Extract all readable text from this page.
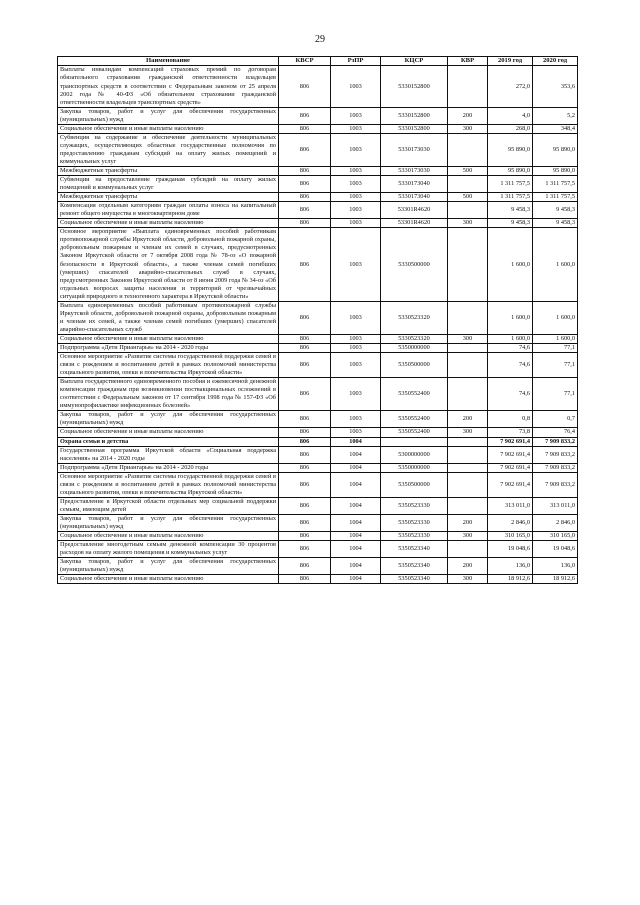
29
Наименование	КВСР	РзПР	КЦСР	КВР	2019 год	2020 год
Выплаты инвалидам компенсаций страховых премий по договорам обязательного страхования гражданской ответственности владельцев транспортных средств в соответствии с Федеральным законом от 25 апреля 2002 года № 40-ФЗ «Об обязательном страховании гражданской ответственности владельцев транспортных средств»	806	1003	5330152800		272,0	353,6
Закупка товаров, работ и услуг для обеспечения государственных (муниципальных) нужд	806	1003	5330152800	200	4,0	5,2
Социальное обеспечение и иные выплаты населению	806	1003	5330152800	300	268,0	348,4
Субвенция на содержание и обеспечение деятельности муниципальных служащих, осуществляющих областные государственные полномочия по предоставлению гражданам субсидий на оплату жилых помещений и коммунальных услуг	806	1003	5330173030		95 890,0	95 890,0
Межбюджетные трансферты	806	1003	5330173030	500	95 890,0	95 890,0
Субвенции на предоставление гражданам субсидий на оплату жилых помещений и коммунальных услуг	806	1003	5330173040		1 311 757,5	1 311 757,5
Межбюджетные трансферты	806	1003	5330173040	500	1 311 757,5	1 311 757,5
Компенсация отдельным категориям граждан оплаты взноса на капитальный ремонт общего имущества в многоквартирном доме	806	1003	53301R4620		9 458,3	9 458,3
Социальное обеспечение и иные выплаты населению	806	1003	53301R4620	300	9 458,3	9 458,3
Основное мероприятие «Выплата единовременных пособий работникам противопожарной службы Иркутской области, добровольной пожарной охраны, добровольным пожарным и членам их семей в случаях, предусмотренных Законом Иркутской области от 7 октября 2008 года № 78-оз «О пожарной безопасности в Иркутской области», а также членам семей погибших (умерших) спасателей аварийно-спасательных служб в случаях, предусмотренных Законом Иркутской области от 8 июня 2009 года № 34-оз «Об отдельных вопросах защиты населения и территорий от чрезвычайных ситуаций природного и техногенного характера в Иркутской области»	806	1003	5330500000		1 600,0	1 600,0
Выплата единовременных пособий работникам противопожарной службы Иркутской области, добровольной пожарной охраны, добровольным пожарным и членам их семей, а также членам семей погибших (умерших) спасателей аварийно-спасательных служб	806	1003	5330523320		1 600,0	1 600,0
Социальное обеспечение и иные выплаты населению	806	1003	5330523320	300	1 600,0	1 600,0
Подпрограмма «Дети Приангарья» на 2014 - 2020 годы	806	1003	5350000000		74,6	77,1
Основное мероприятие «Развитие системы государственной поддержки семей в связи с рождением и воспитанием детей в рамках полномочий министерства социального развития, опеки и попечительства Иркутской области»	806	1003	5350500000		74,6	77,1
Выплата государственного единовременного пособия и ежемесячной денежной компенсации гражданам при возникновении поствакцинальных осложнений в соответствии с Федеральным законом от 17 сентября 1998 года № 157-ФЗ «Об иммунопрофилактике инфекционных болезней»	806	1003	5350552400		74,6	77,1
Закупка товаров, работ и услуг для обеспечения государственных (муниципальных) нужд	806	1003	5350552400	200	0,8	0,7
Социальное обеспечение и иные выплаты населению	806	1003	5350552400	300	73,8	76,4
Охрана семьи и детства	806	1004			7 902 691,4	7 909 833,2
Государственная программа Иркутской области «Социальная поддержка населения» на 2014 - 2020 годы	806	1004	5300000000		7 902 691,4	7 909 833,2
Подпрограмма «Дети Приангарья» на 2014 - 2020 годы	806	1004	5350000000		7 902 691,4	7 909 833,2
Основное мероприятие «Развитие системы государственной поддержки семей в связи с рождением и воспитанием детей в рамках полномочий министерства социального развития, опеки и попечительства Иркутской области»	806	1004	5350500000		7 902 691,4	7 909 833,2
Предоставление в Иркутской области отдельных мер социальной поддержки семьям, имеющим детей	806	1004	5350523330		313 011,0	313 011,0
Закупка товаров, работ и услуг для обеспечения государственных (муниципальных) нужд	806	1004	5350523330	200	2 846,0	2 846,0
Социальное обеспечение и иные выплаты населению	806	1004	5350523330	300	310 165,0	310 165,0
Предоставление многодетным семьям денежной компенсации 30 процентов расходов на оплату жилого помещения и коммунальных услуг	806	1004	5350523340		19 048,6	19 048,6
Закупка товаров, работ и услуг для обеспечения государственных (муниципальных) нужд	806	1004	5350523340	200	136,0	136,0
Социальное обеспечение и иные выплаты населению	806	1004	5350523340	300	18 912,6	18 912,6
